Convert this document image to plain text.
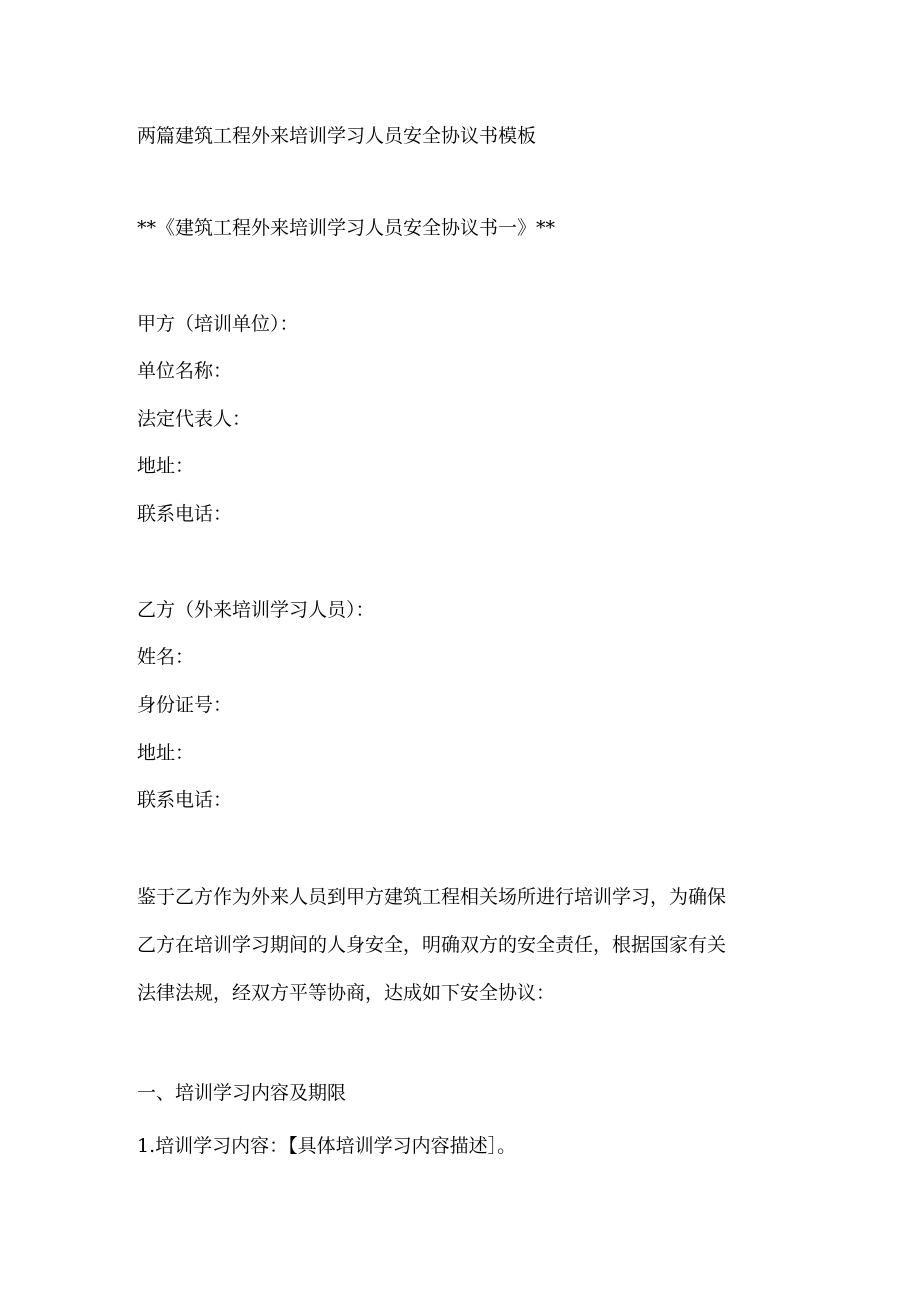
两篇建筑工程外来培训学习人员安全协议书模板
**《建筑工程外来培训学习人员安全协议书一》**
甲方（培训单位）：
单位名称：
法定代表人：
地址：
联系电话：
乙方（外来培训学习人员）：
姓名：
身份证号：
地址：
联系电话：
鉴于乙方作为外来人员到甲方建筑工程相关场所进行培训学习，为确保
乙方在培训学习期间的人身安全，明确双方的安全责任，根据国家有关
法律法规，经双方平等协商，达成如下安全协议：
一、培训学习内容及期限
1.培训学习内容：【具体培训学习内容描述］。
